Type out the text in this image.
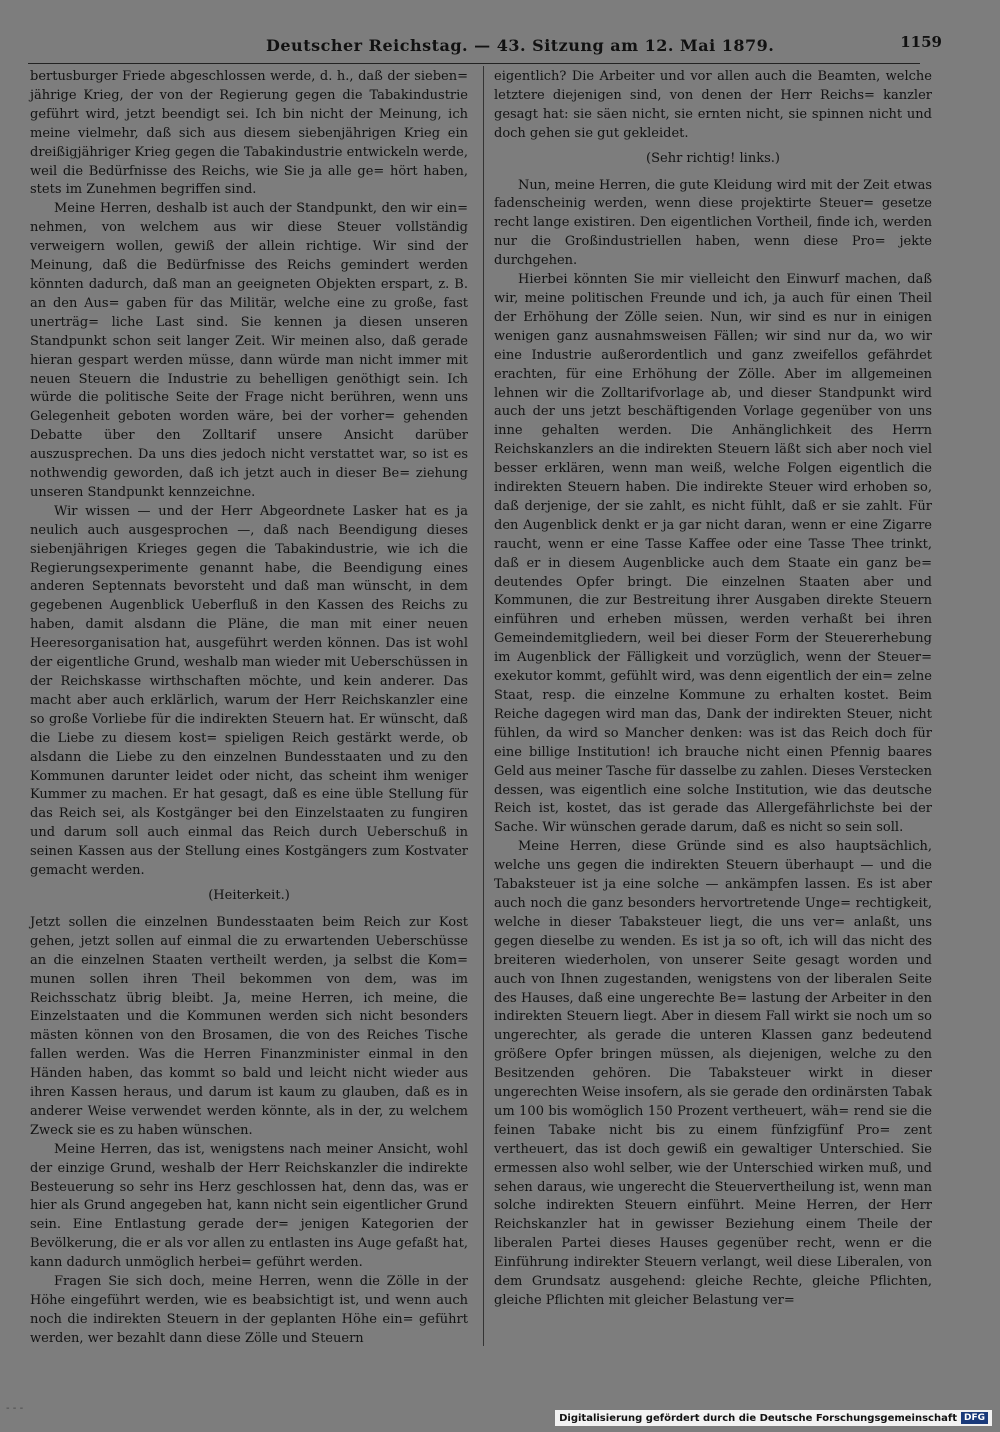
Deutscher Reichstag. — 43. Sitzung am 12. Mai 1879.	1159

bertusburger Friede abgeschlossen werde, d. h., daß der sieben= jährige Krieg, der von der Regierung gegen die Tabakindustrie geführt wird, jetzt beendigt sei. Ich bin nicht der Meinung, ich meine vielmehr, daß sich aus diesem siebenjährigen Krieg ein dreißigjähriger Krieg gegen die Tabakindustrie entwickeln werde, weil die Bedürfnisse des Reichs, wie Sie ja alle ge= hört haben, stets im Zunehmen begriffen sind.

Meine Herren, deshalb ist auch der Standpunkt, den wir ein= nehmen, von welchem aus wir diese Steuer vollständig verweigern wollen, gewiß der allein richtige. Wir sind der Meinung, daß die Bedürfnisse des Reichs gemindert werden könnten dadurch, daß man an geeigneten Objekten erspart, z. B. an den Aus= gaben für das Militär, welche eine zu große, fast unerträg= liche Last sind. Sie kennen ja diesen unseren Standpunkt schon seit langer Zeit. Wir meinen also, daß gerade hieran gespart werden müsse, dann würde man nicht immer mit neuen Steuern die Industrie zu behelligen genöthigt sein. Ich würde die politische Seite der Frage nicht berühren, wenn uns Gelegenheit geboten worden wäre, bei der vorher= gehenden Debatte über den Zolltarif unsere Ansicht darüber auszusprechen. Da uns dies jedoch nicht verstattet war, so ist es nothwendig geworden, daß ich jetzt auch in dieser Be= ziehung unseren Standpunkt kennzeichne.

Wir wissen — und der Herr Abgeordnete Lasker hat es ja neulich auch ausgesprochen —, daß nach Beendigung dieses siebenjährigen Krieges gegen die Tabakindustrie, wie ich die Regierungsexperimente genannt habe, die Beendigung eines anderen Septennats bevorsteht und daß man wünscht, in dem gegebenen Augenblick Ueberfluß in den Kassen des Reichs zu haben, damit alsdann die Pläne, die man mit einer neuen Heeresorganisation hat, ausgeführt werden können. Das ist wohl der eigentliche Grund, weshalb man wieder mit Ueberschüssen in der Reichskasse wirthschaften möchte, und kein anderer. Das macht aber auch erklärlich, warum der Herr Reichskanzler eine so große Vorliebe für die indirekten Steuern hat. Er wünscht, daß die Liebe zu diesem kost= spieligen Reich gestärkt werde, ob alsdann die Liebe zu den einzelnen Bundesstaaten und zu den Kommunen darunter leidet oder nicht, das scheint ihm weniger Kummer zu machen. Er hat gesagt, daß es eine üble Stellung für das Reich sei, als Kostgänger bei den Einzelstaaten zu fungiren und darum soll auch einmal das Reich durch Ueberschuß in seinen Kassen aus der Stellung eines Kostgängers zum Kostvater gemacht werden.

(Heiterkeit.)

Jetzt sollen die einzelnen Bundesstaaten beim Reich zur Kost gehen, jetzt sollen auf einmal die zu erwartenden Ueberschüsse an die einzelnen Staaten vertheilt werden, ja selbst die Kom= munen sollen ihren Theil bekommen von dem, was im Reichsschatz übrig bleibt. Ja, meine Herren, ich meine, die Einzelstaaten und die Kommunen werden sich nicht besonders mästen können von den Brosamen, die von des Reiches Tische fallen werden. Was die Herren Finanzminister einmal in den Händen haben, das kommt so bald und leicht nicht wieder aus ihren Kassen heraus, und darum ist kaum zu glauben, daß es in anderer Weise verwendet werden könnte, als in der, zu welchem Zweck sie es zu haben wünschen.

Meine Herren, das ist, wenigstens nach meiner Ansicht, wohl der einzige Grund, weshalb der Herr Reichskanzler die indirekte Besteuerung so sehr ins Herz geschlossen hat, denn das, was er hier als Grund angegeben hat, kann nicht sein eigentlicher Grund sein. Eine Entlastung gerade der= jenigen Kategorien der Bevölkerung, die er als vor allen zu entlasten ins Auge gefaßt hat, kann dadurch unmöglich herbei= geführt werden.

Fragen Sie sich doch, meine Herren, wenn die Zölle in der Höhe eingeführt werden, wie es beabsichtigt ist, und wenn auch noch die indirekten Steuern in der geplanten Höhe ein= geführt werden, wer bezahlt dann diese Zölle und Steuern

eigentlich? Die Arbeiter und vor allen auch die Beamten, welche letztere diejenigen sind, von denen der Herr Reichs= kanzler gesagt hat: sie säen nicht, sie ernten nicht, sie spinnen nicht und doch gehen sie gut gekleidet.

(Sehr richtig! links.)

Nun, meine Herren, die gute Kleidung wird mit der Zeit etwas fadenscheinig werden, wenn diese projektirte Steuer= gesetze recht lange existiren. Den eigentlichen Vortheil, finde ich, werden nur die Großindustriellen haben, wenn diese Pro= jekte durchgehen.

Hierbei könnten Sie mir vielleicht den Einwurf machen, daß wir, meine politischen Freunde und ich, ja auch für einen Theil der Erhöhung der Zölle seien. Nun, wir sind es nur in einigen wenigen ganz ausnahmsweisen Fällen; wir sind nur da, wo wir eine Industrie außerordentlich und ganz zweifellos gefährdet erachten, für eine Erhöhung der Zölle. Aber im allgemeinen lehnen wir die Zolltarifvorlage ab, und dieser Standpunkt wird auch der uns jetzt beschäftigenden Vorlage gegenüber von uns inne gehalten werden. Die Anhänglichkeit des Herrn Reichskanzlers an die indirekten Steuern läßt sich aber noch viel besser erklären, wenn man weiß, welche Folgen eigentlich die indirekten Steuern haben. Die indirekte Steuer wird erhoben so, daß derjenige, der sie zahlt, es nicht fühlt, daß er sie zahlt. Für den Augenblick denkt er ja gar nicht daran, wenn er eine Zigarre raucht, wenn er eine Tasse Kaffee oder eine Tasse Thee trinkt, daß er in diesem Augenblicke auch dem Staate ein ganz be= deutendes Opfer bringt. Die einzelnen Staaten aber und Kommunen, die zur Bestreitung ihrer Ausgaben direkte Steuern einführen und erheben müssen, werden verhaßt bei ihren Gemeindemitgliedern, weil bei dieser Form der Steuererhebung im Augenblick der Fälligkeit und vorzüglich, wenn der Steuer= exekutor kommt, gefühlt wird, was denn eigentlich der ein= zelne Staat, resp. die einzelne Kommune zu erhalten kostet. Beim Reiche dagegen wird man das, Dank der indirekten Steuer, nicht fühlen, da wird so Mancher denken: was ist das Reich doch für eine billige Institution! ich brauche nicht einen Pfennig baares Geld aus meiner Tasche für dasselbe zu zahlen. Dieses Verstecken dessen, was eigentlich eine solche Institution, wie das deutsche Reich ist, kostet, das ist gerade das Allergefährlichste bei der Sache. Wir wünschen gerade darum, daß es nicht so sein soll.

Meine Herren, diese Gründe sind es also hauptsächlich, welche uns gegen die indirekten Steuern überhaupt — und die Tabaksteuer ist ja eine solche — ankämpfen lassen. Es ist aber auch noch die ganz besonders hervortretende Unge= rechtigkeit, welche in dieser Tabaksteuer liegt, die uns ver= anlaßt, uns gegen dieselbe zu wenden. Es ist ja so oft, ich will das nicht des breiteren wiederholen, von unserer Seite gesagt worden und auch von Ihnen zugestanden, wenigstens von der liberalen Seite des Hauses, daß eine ungerechte Be= lastung der Arbeiter in den indirekten Steuern liegt. Aber in diesem Fall wirkt sie noch um so ungerechter, als gerade die unteren Klassen ganz bedeutend größere Opfer bringen müssen, als diejenigen, welche zu den Besitzenden gehören. Die Tabaksteuer wirkt in dieser ungerechten Weise insofern, als sie gerade den ordinärsten Tabak um 100 bis womöglich 150 Prozent vertheuert, wäh= rend sie die feinen Tabake nicht bis zu einem fünfzigfünf Pro= zent vertheuert, das ist doch gewiß ein gewaltiger Unterschied. Sie ermessen also wohl selber, wie der Unterschied wirken muß, und sehen daraus, wie ungerecht die Steuervertheilung ist, wenn man solche indirekten Steuern einführt. Meine Herren, der Herr Reichskanzler hat in gewisser Beziehung einem Theile der liberalen Partei dieses Hauses gegenüber recht, wenn er die Einführung indirekter Steuern verlangt, weil diese Liberalen, von dem Grundsatz ausgehend: gleiche Rechte, gleiche Pflichten, gleiche Pflichten mit gleicher Belastung ver=

- - -
Digitalisierung gefördert durch die Deutsche Forschungsgemeinschaft DFG
